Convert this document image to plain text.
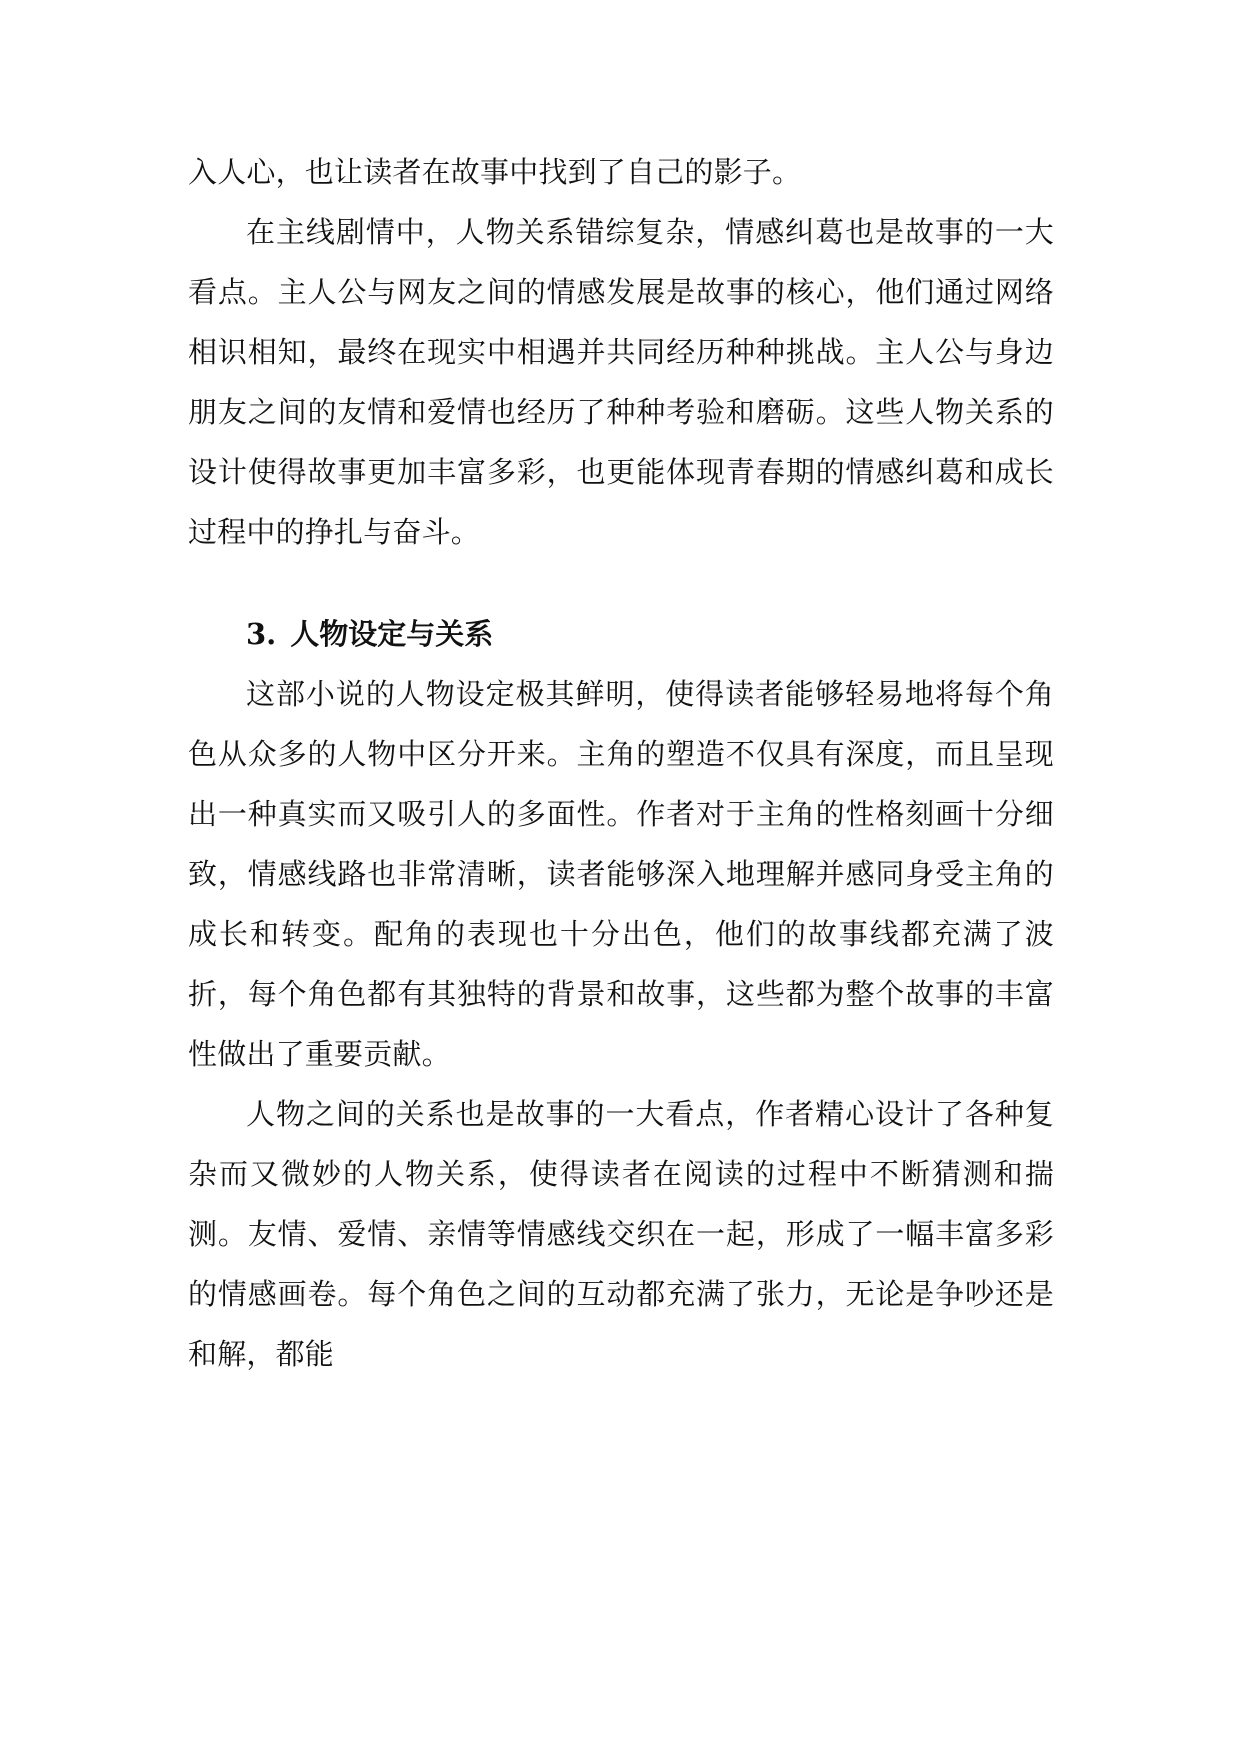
入人心，也让读者在故事中找到了自己的影子。

在主线剧情中，人物关系错综复杂，情感纠葛也是故事的一大看点。主人公与网友之间的情感发展是故事的核心，他们通过网络相识相知，最终在现实中相遇并共同经历种种挑战。主人公与身边朋友之间的友情和爱情也经历了种种考验和磨砺。这些人物关系的设计使得故事更加丰富多彩，也更能体现青春期的情感纠葛和成长过程中的挣扎与奋斗。

3. 人物设定与关系

这部小说的人物设定极其鲜明，使得读者能够轻易地将每个角色从众多的人物中区分开来。主角的塑造不仅具有深度，而且呈现出一种真实而又吸引人的多面性。作者对于主角的性格刻画十分细致，情感线路也非常清晰，读者能够深入地理解并感同身受主角的成长和转变。配角的表现也十分出色，他们的故事线都充满了波折，每个角色都有其独特的背景和故事，这些都为整个故事的丰富性做出了重要贡献。

人物之间的关系也是故事的一大看点，作者精心设计了各种复杂而又微妙的人物关系，使得读者在阅读的过程中不断猜测和揣测。友情、爱情、亲情等情感线交织在一起，形成了一幅丰富多彩的情感画卷。每个角色之间的互动都充满了张力，无论是争吵还是和解，都能
